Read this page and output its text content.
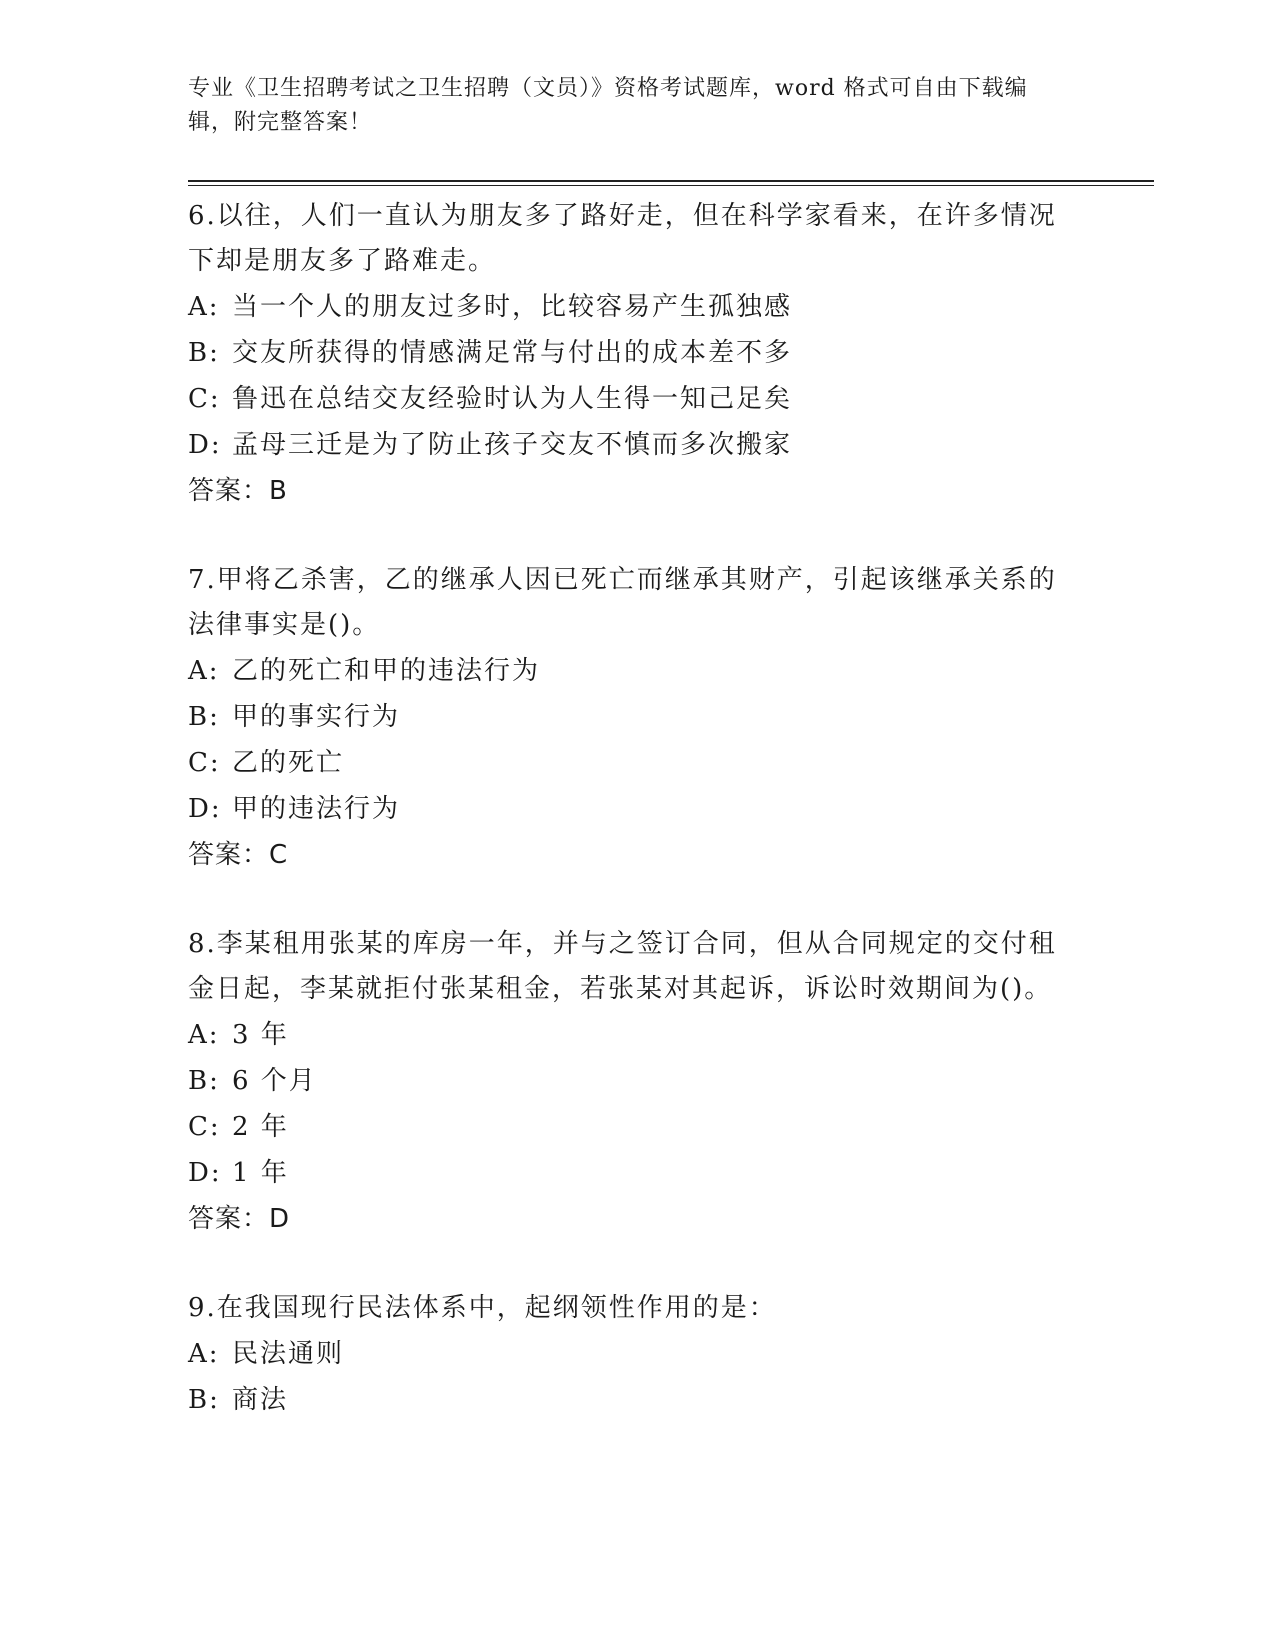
专业《卫生招聘考试之卫生招聘（文员）》资格考试题库，word 格式可自由下载编辑，附完整答案！
6.以往，人们一直认为朋友多了路好走，但在科学家看来，在许多情况下却是朋友多了路难走。
A: 当一个人的朋友过多时，比较容易产生孤独感
B: 交友所获得的情感满足常与付出的成本差不多
C: 鲁迅在总结交友经验时认为人生得一知己足矣
D: 孟母三迁是为了防止孩子交友不慎而多次搬家
答案：B
7.甲将乙杀害，乙的继承人因已死亡而继承其财产，引起该继承关系的法律事实是()。
A: 乙的死亡和甲的违法行为
B: 甲的事实行为
C: 乙的死亡
D: 甲的违法行为
答案：C
8.李某租用张某的库房一年，并与之签订合同，但从合同规定的交付租金日起，李某就拒付张某租金，若张某对其起诉，诉讼时效期间为()。
A: 3 年
B: 6 个月
C: 2 年
D: 1 年
答案：D
9.在我国现行民法体系中，起纲领性作用的是：
A: 民法通则
B: 商法
